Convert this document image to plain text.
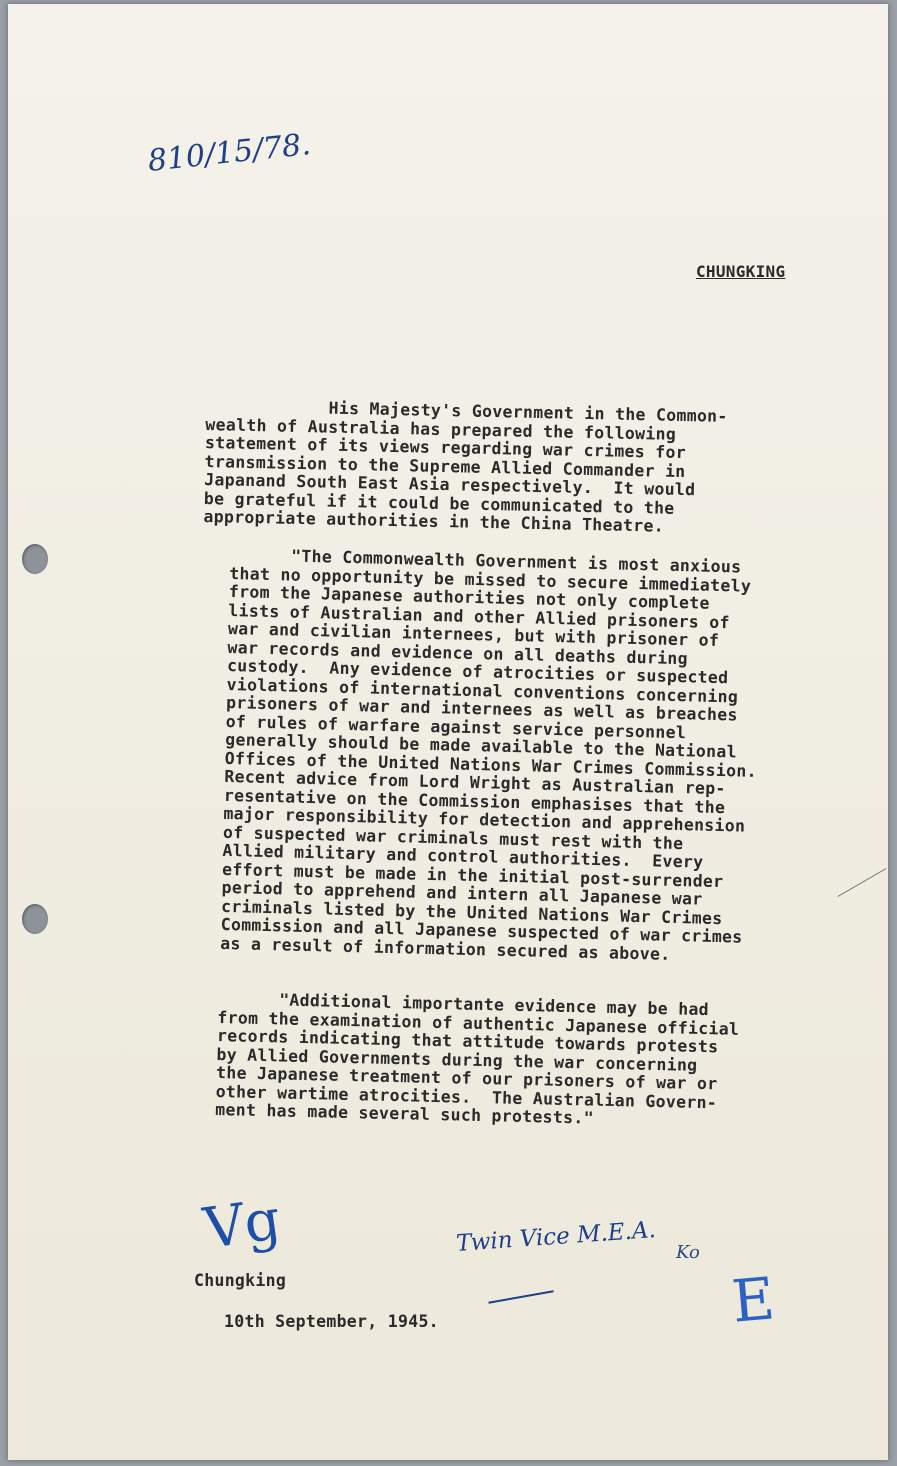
810/15/78.
CHUNGKING
His Majesty's Government in the Common-
wealth of Australia has prepared the following
statement of its views regarding war crimes for
transmission to the Supreme Allied Commander in
Japanand South East Asia respectively.  It would
be grateful if it could be communicated to the
appropriate authorities in the China Theatre.
"The Commonwealth Government is most anxious
that no opportunity be missed to secure immediately
from the Japanese authorities not only complete
lists of Australian and other Allied prisoners of
war and civilian internees, but with prisoner of
war records and evidence on all deaths during
custody.  Any evidence of atrocities or suspected
violations of international conventions concerning
prisoners of war and internees as well as breaches
of rules of warfare against service personnel
generally should be made available to the National
Offices of the United Nations War Crimes Commission.
Recent advice from Lord Wright as Australian rep-
resentative on the Commission emphasises that the
major responsibility for detection and apprehension
of suspected war criminals must rest with the
Allied military and control authorities.  Every
effort must be made in the initial post-surrender
period to apprehend and intern all Japanese war
criminals listed by the United Nations War Crimes
Commission and all Japanese suspected of war crimes
as a result of information secured as above.
"Additional importante evidence may be had
from the examination of authentic Japanese official
records indicating that attitude towards protests
by Allied Governments during the war concerning
the Japanese treatment of our prisoners of war or
other wartime atrocities.  The Australian Govern-
ment has made several such protests."
Vg
Chungking
10th September, 1945.
Twin Vice M.E.A. Ko
E
